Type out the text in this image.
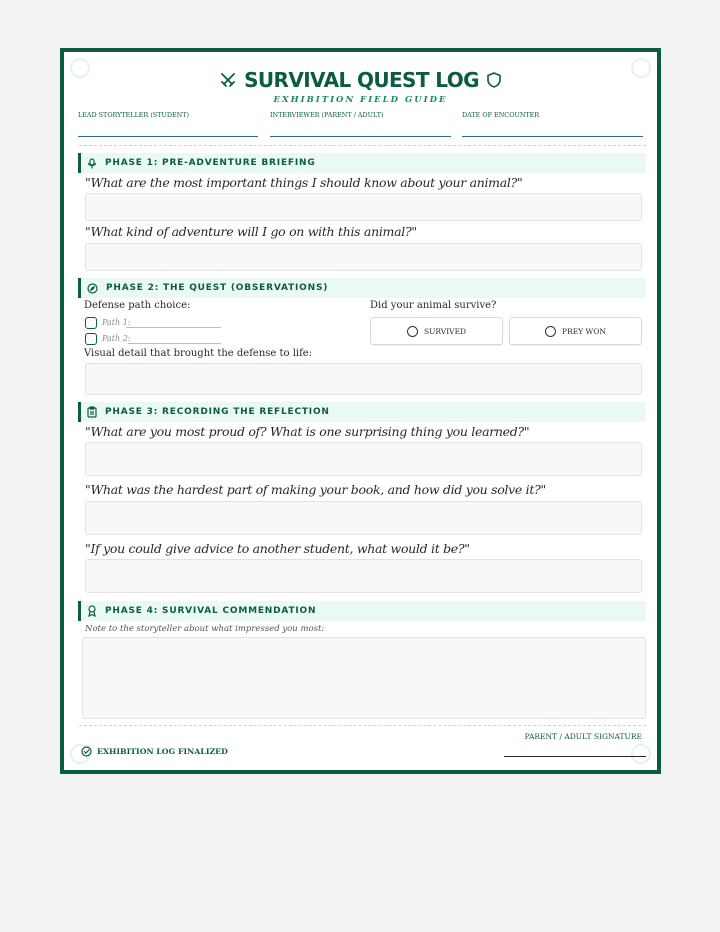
SURVIVAL QUEST LOG
EXHIBITION FIELD GUIDE
LEAD STORYTELLER (STUDENT)	INTERVIEWER (PARENT / ADULT)	DATE OF ENCOUNTER
PHASE 1: PRE-ADVENTURE BRIEFING
"What are the most important things I should know about your animal?"
"What kind of adventure will I go on with this animal?"
PHASE 2: THE QUEST (OBSERVATIONS)
Defense path choice:
Path 1:
Path 2:
Did your animal survive?
SURVIVED	PREY WON
Visual detail that brought the defense to life:
PHASE 3: RECORDING THE REFLECTION
"What are you most proud of? What is one surprising thing you learned?"
"What was the hardest part of making your book, and how did you solve it?"
"If you could give advice to another student, what would it be?"
PHASE 4: SURVIVAL COMMENDATION
Note to the storyteller about what impressed you most:
EXHIBITION LOG FINALIZED
PARENT / ADULT SIGNATURE
